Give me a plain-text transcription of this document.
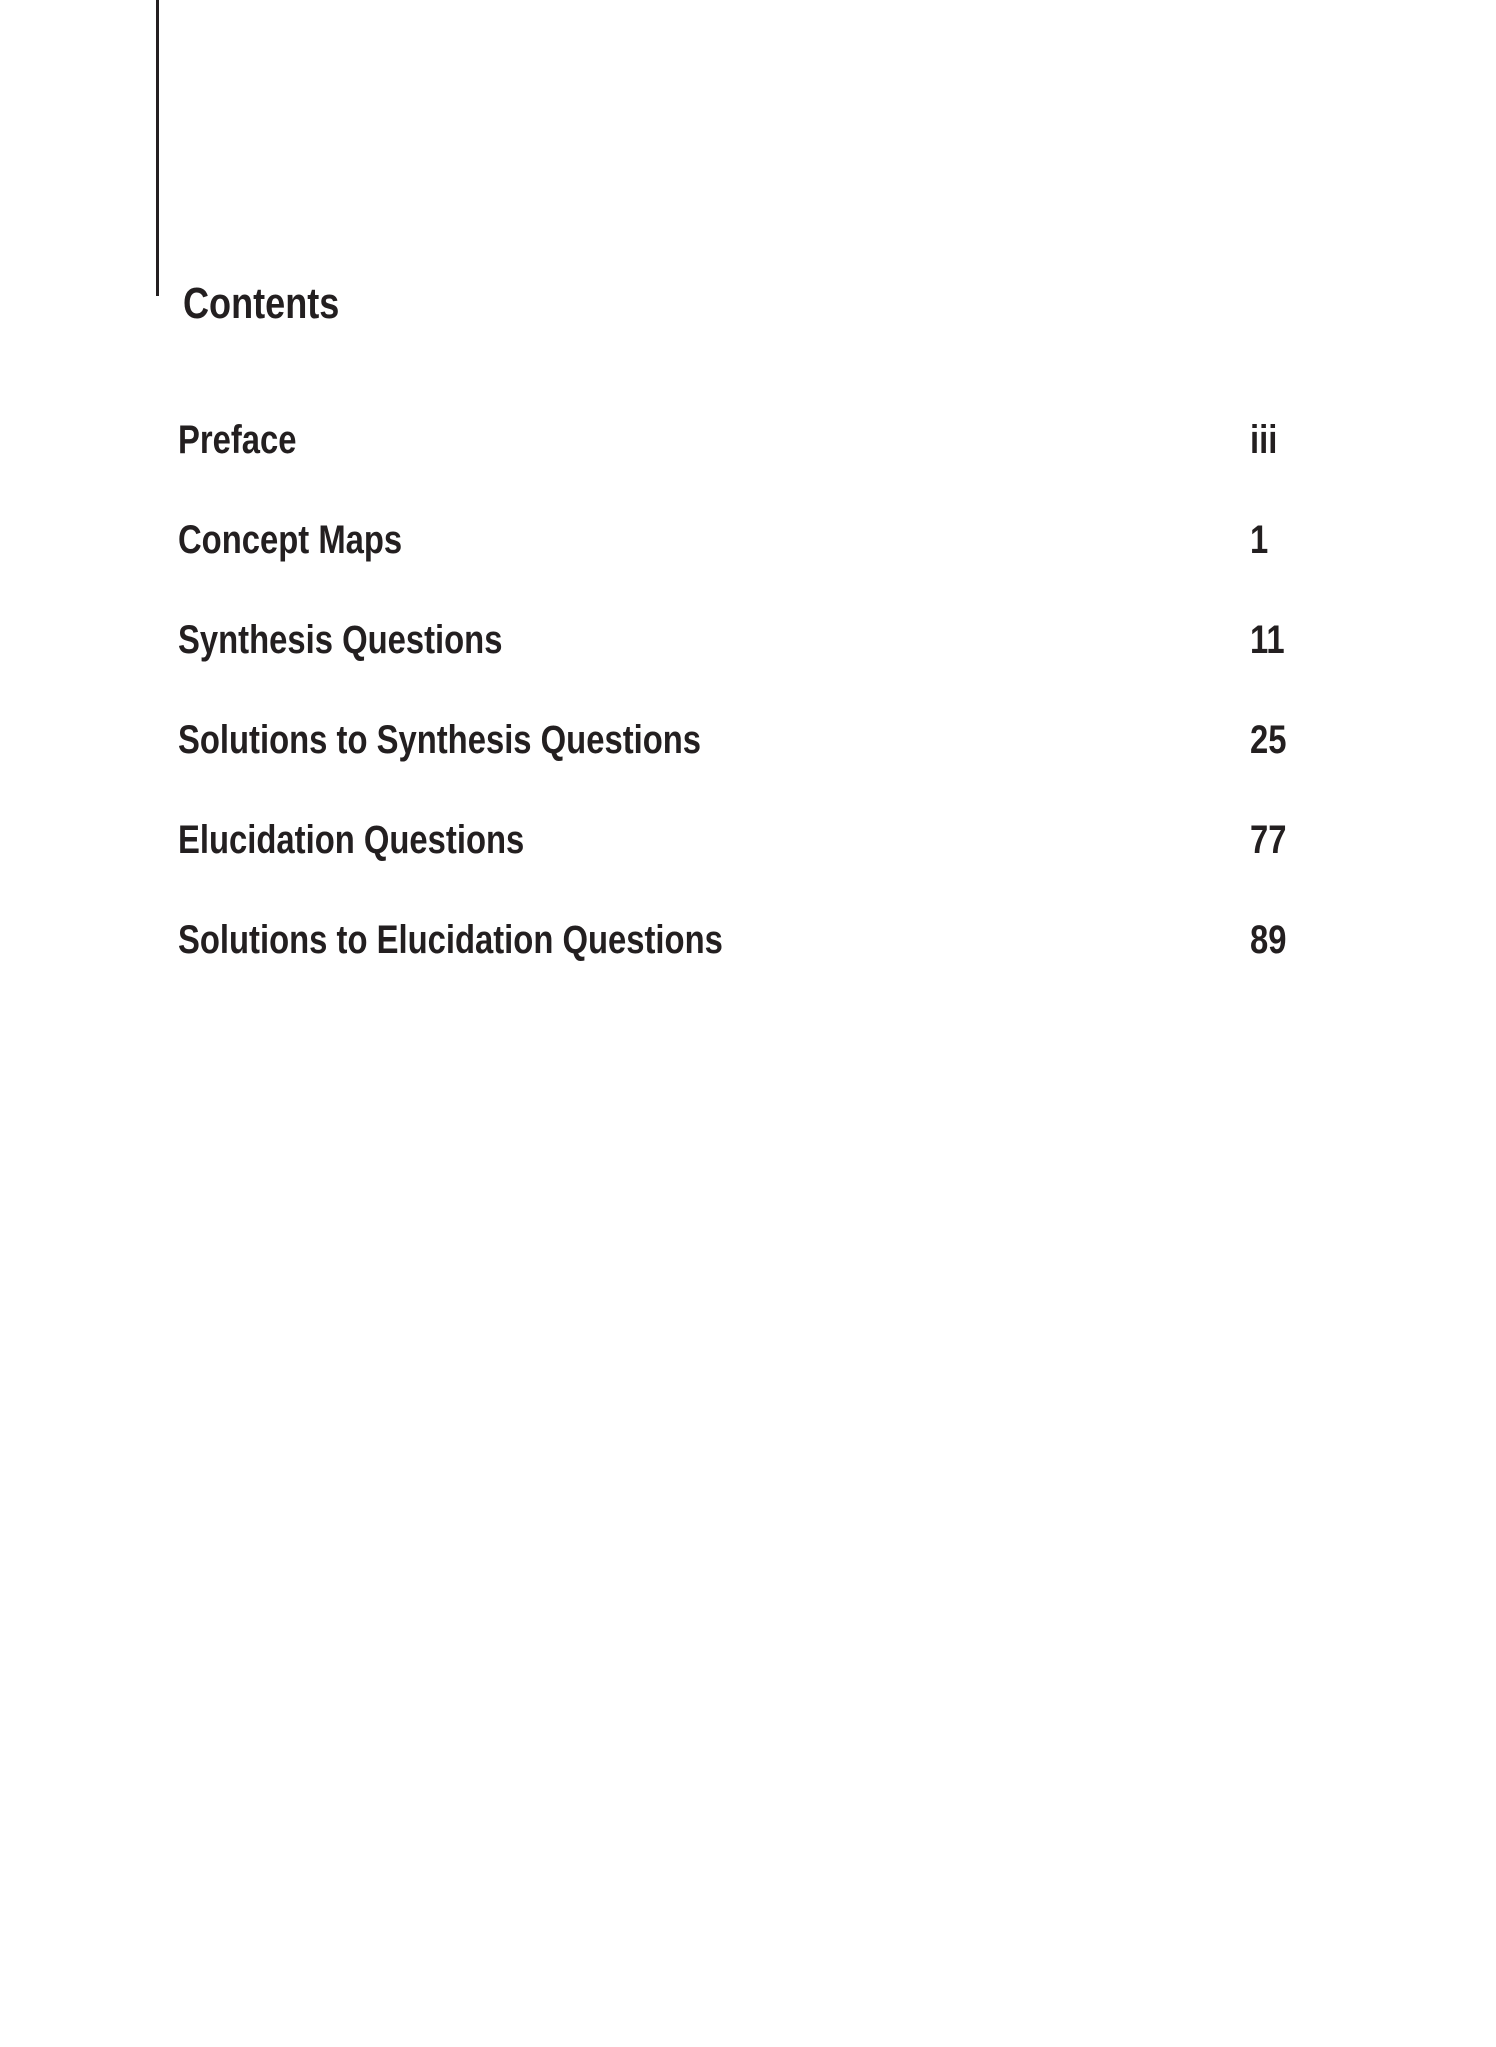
Contents
Preface	iii
Concept Maps	1
Synthesis Questions	11
Solutions to Synthesis Questions	25
Elucidation Questions	77
Solutions to Elucidation Questions	89
